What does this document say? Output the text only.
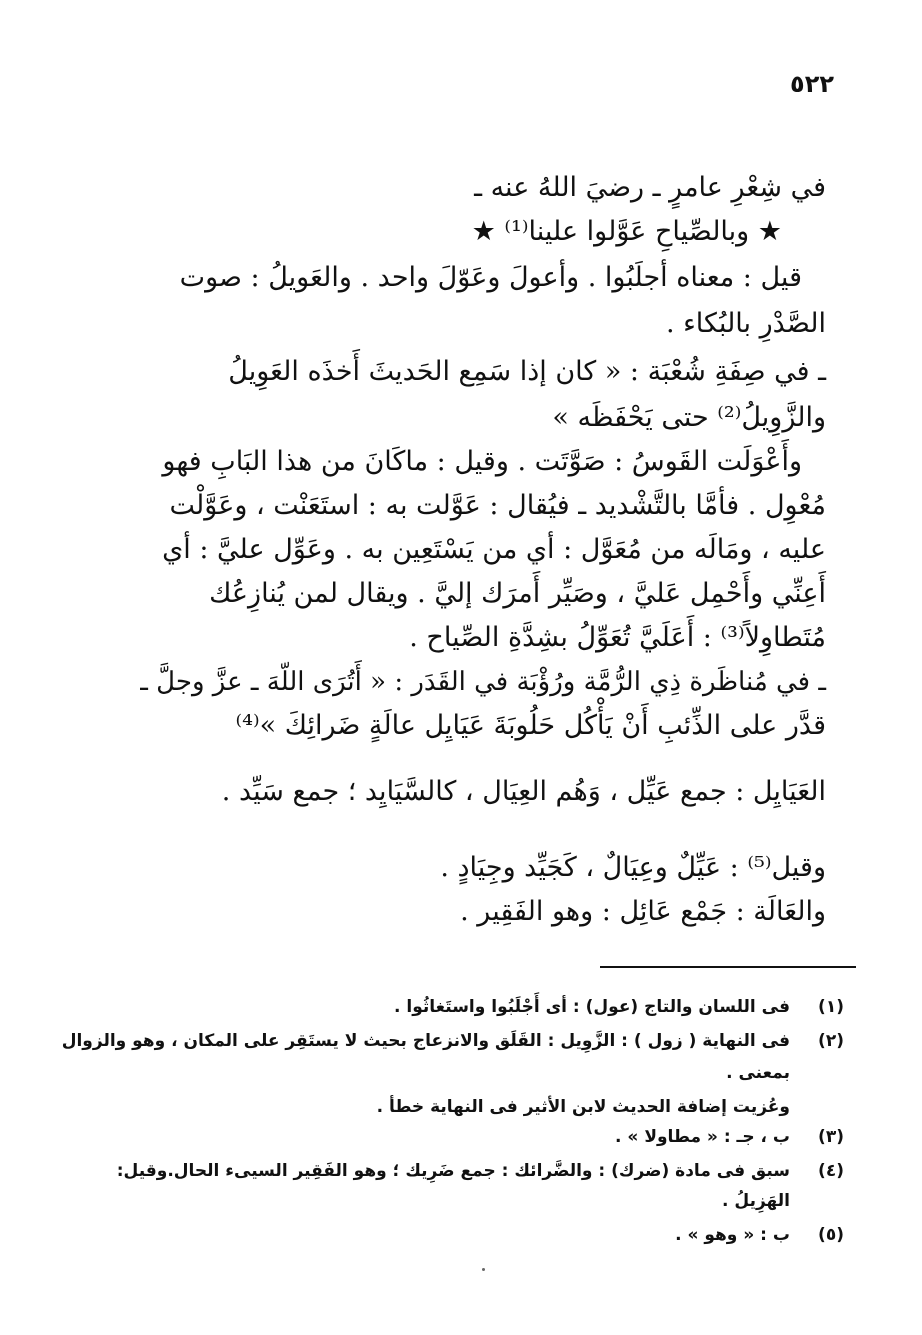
٥٢٢
في شِعْرِ عامرٍ ـ رضيَ اللهُ عنه ـ
★ وبالصِّياحِ عَوَّلوا علينا⁽¹⁾ ★
قيل : معناه أجلَبُوا . وأعولَ وعَوّلَ واحد . والعَويلُ : صوت
الصَّدْرِ بالبُكاء .
ـ في صِفَةِ شُعْبَة : « كان إذا سَمِع الحَديثَ أَخذَه العَوِيلُ
والزَّوِيلُ⁽²⁾ حتى يَحْفَظَه »
وأَعْوَلَت القَوسُ : صَوَّتَت . وقيل : ماكَانَ من هذا البَابِ فهو
مُعْوِل . فأمَّا بالتَّشْديد ـ فيُقال : عَوَّلت به : استَعَنْت ، وعَوَّلْت
عليه ، ومَالَه من مُعَوَّل : أي من يَسْتَعِين به . وعَوِّل عليَّ : أي
أَعِنِّي وأَحْمِل عَليَّ ، وصَيِّر أَمرَك إليَّ . ويقال لمن يُنازِعُك
مُتَطاوِلاً⁽³⁾ : أَعَلَيَّ تُعَوِّلُ بشِدَّةِ الصِّياح .
ـ في مُناظَرة ذِي الرُّمَّة ورُؤْبَة في القَدَر : « أَتُرَى اللّهَ ـ عزَّ وجلَّ ـ
قدَّر على الذِّئبِ أَنْ يَأْكُل حَلُوبَةَ عَيَايِل عالَةٍ ضَرائِكَ »⁽⁴⁾
العَيَايِل : جمع عَيِّل ، وَهُم العِيَال ، كالسَّيَايِد ؛ جمع سَيِّد .
وقيل⁽⁵⁾ : عَيِّلٌ وعِيَالٌ ، كَجَيِّد وجِيَادٍ .
والعَالَة : جَمْع عَائِل : وهو الفَقِير .
(١)
فى اللسان والتاج (عول) : أى أَجْلَبُوا واستَغاثُوا .
(٢)
فى النهاية ( زول ) : الزَّوِيل : القَلَق والانزعاج بحيث لا يستَقِر على المكان ، وهو والزوال
بمعنى .
وعُزيت إضافة الحديث لابن الأثير فى النهاية خطأ .
(٣)
ب ، جـ : « مطاولا » .
(٤)
سبق فى مادة (ضرك) : والضَّرائك : جمع ضَرِيك ؛ وهو الفَقِير السيىء الحال.وقيل:
الهَزِيلُ .
(٥)
ب : « وهو » .
